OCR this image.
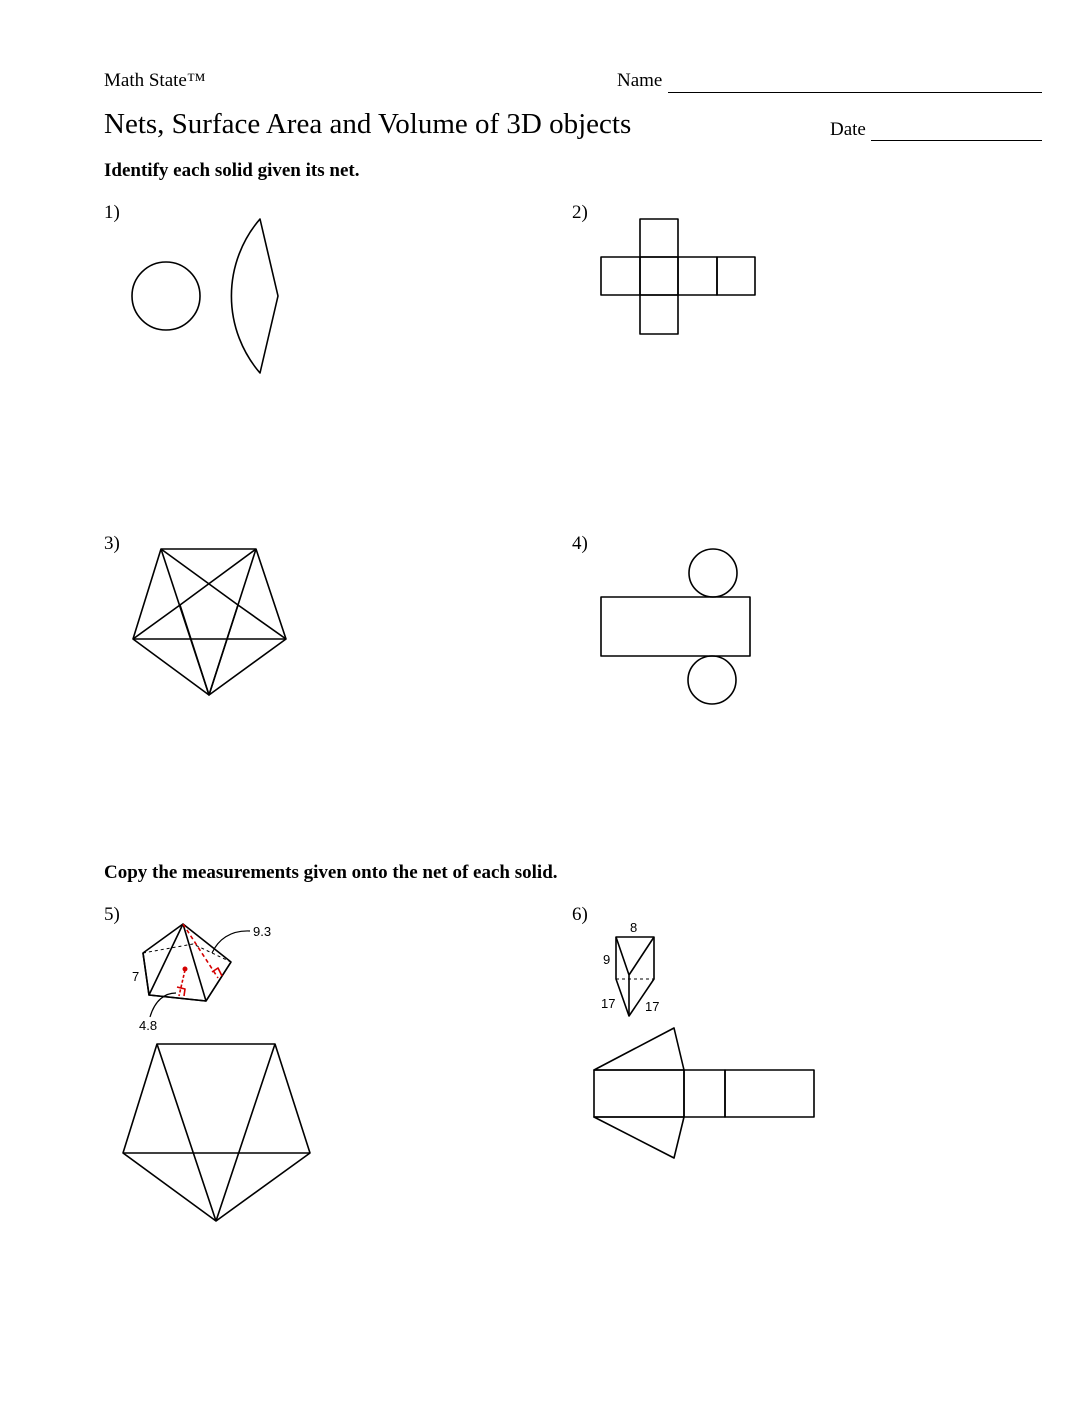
Math State™	Name
Nets, Surface Area and Volume of 3D objects	Date
Identify each solid given its net.
1)	2)
3)	4)
Copy the measurements given onto the net of each solid.
5)	6)
9.3
7
4.8
8
9
17 17
